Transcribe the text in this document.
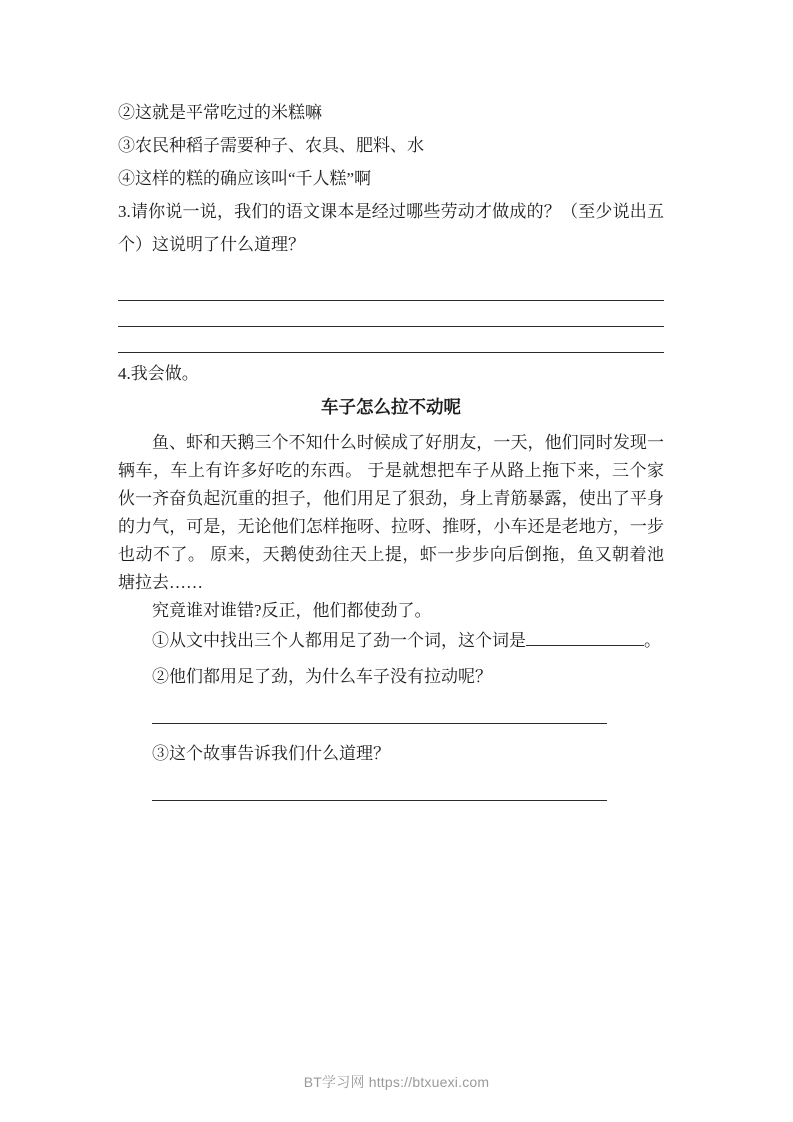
②这就是平常吃过的米糕嘛

③农民种稻子需要种子、农具、肥料、水

④这样的糕的确应该叫“千人糕”啊

3.请你说一说，我们的语文课本是经过哪些劳动才做成的？（至少说出五个）这说明了什么道理？

4.我会做。

车子怎么拉不动呢

鱼、虾和天鹅三个不知什么时候成了好朋友，一天，他们同时发现一辆车，车上有许多好吃的东西。 于是就想把车子从路上拖下来，三个家伙一齐奋负起沉重的担子，他们用足了狠劲，身上青筋暴露，使出了平身的力气，可是，无论他们怎样拖呀、拉呀、推呀，小车还是老地方，一步也动不了。 原来，天鹅使劲往天上提，虾一步步向后倒拖，鱼又朝着池塘拉去……

究竟谁对谁错?反正，他们都使劲了。

①从文中找出三个人都用足了劲一个词，这个词是	。

②他们都用足了劲，为什么车子没有拉动呢？

③这个故事告诉我们什么道理？

BT学习网 https://btxuexi.com
